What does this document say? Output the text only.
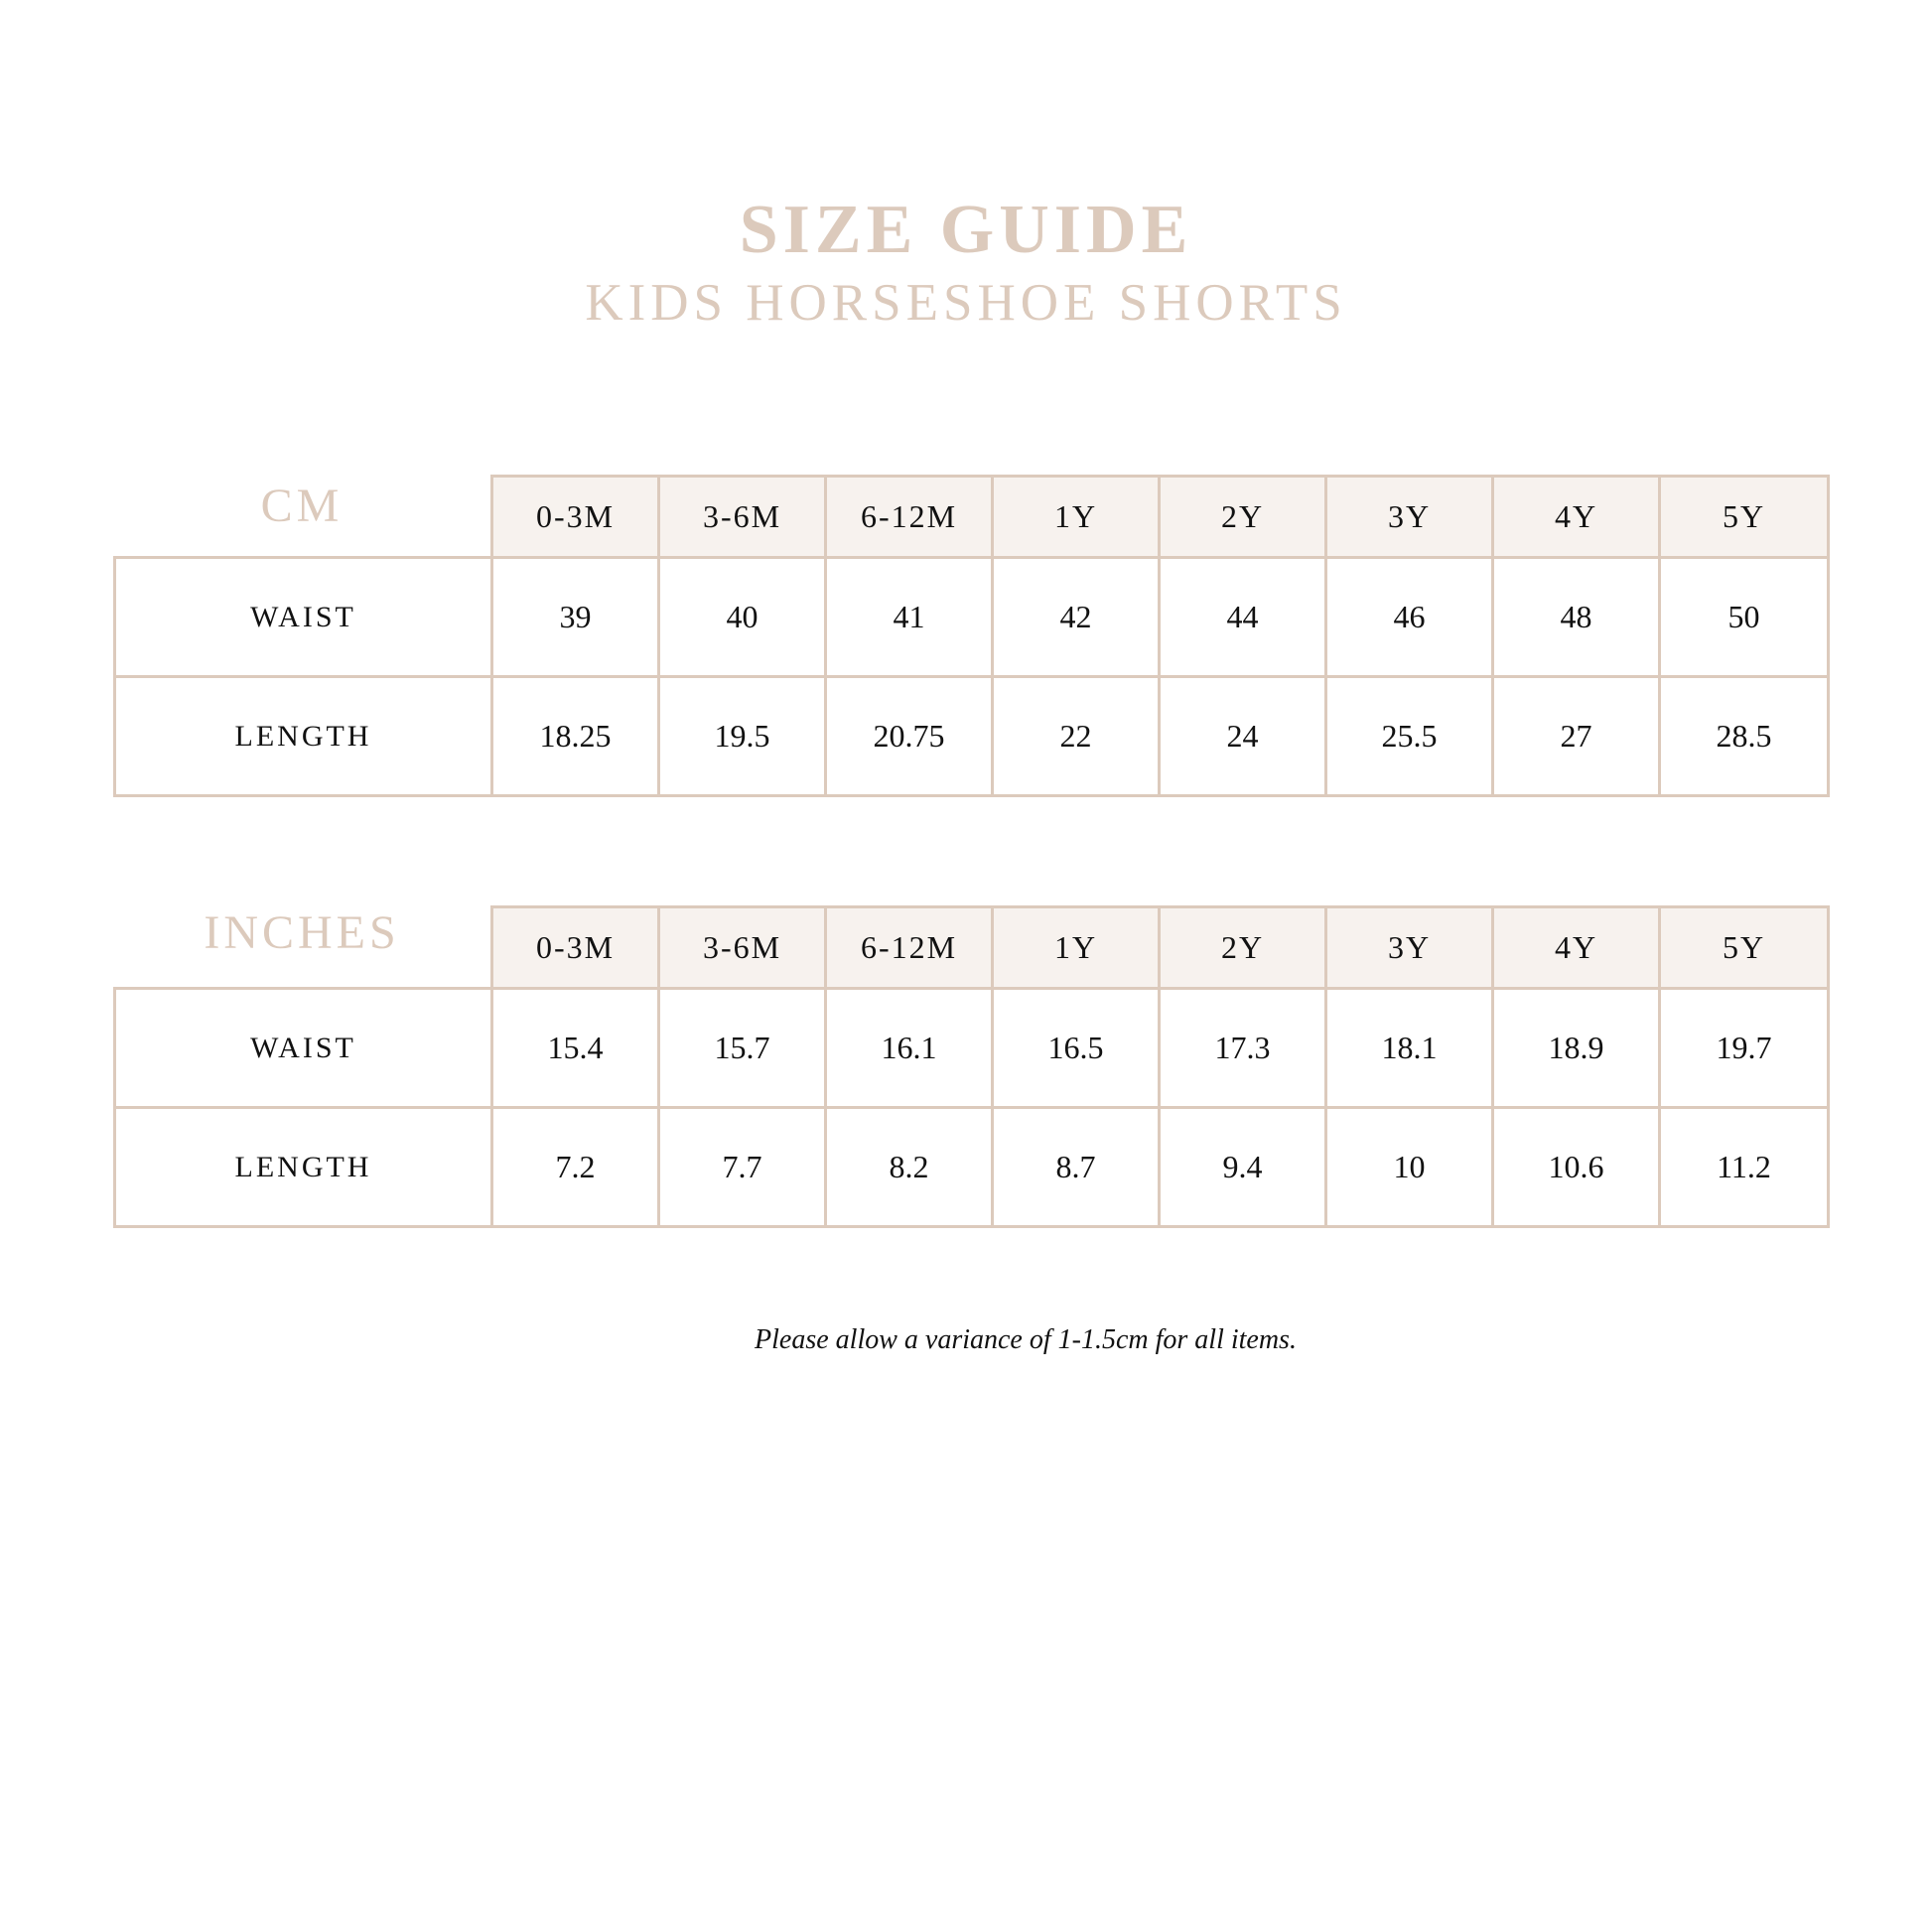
SIZE GUIDE
KIDS HORSESHOE SHORTS
CM
		0-3M	3-6M	6-12M	1Y	2Y	3Y	4Y	5Y
WAIST	39	40	41	42	44	46	48	50
LENGTH	18.25	19.5	20.75	22	24	25.5	27	28.5
INCHES
		0-3M	3-6M	6-12M	1Y	2Y	3Y	4Y	5Y
WAIST	15.4	15.7	16.1	16.5	17.3	18.1	18.9	19.7
LENGTH	7.2	7.7	8.2	8.7	9.4	10	10.6	11.2
Please allow a variance of 1-1.5cm for all items.
